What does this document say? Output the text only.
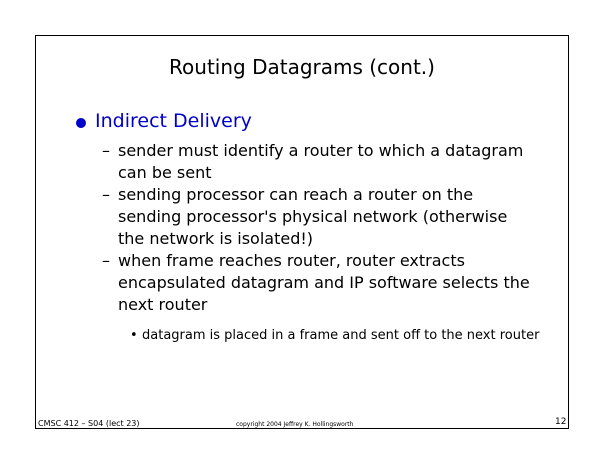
Routing Datagrams (cont.)
Indirect Delivery
– sender must identify a router to which a datagram can be sent
– sending processor can reach a router on the sending processor's physical network (otherwise the network is isolated!)
– when frame reaches router, router extracts encapsulated datagram and IP software selects the next router
• datagram is placed in a frame and sent off to the next router
CMSC 412 – S04 (lect 23)	copyright 2004 Jeffrey K. Hollingsworth	12
